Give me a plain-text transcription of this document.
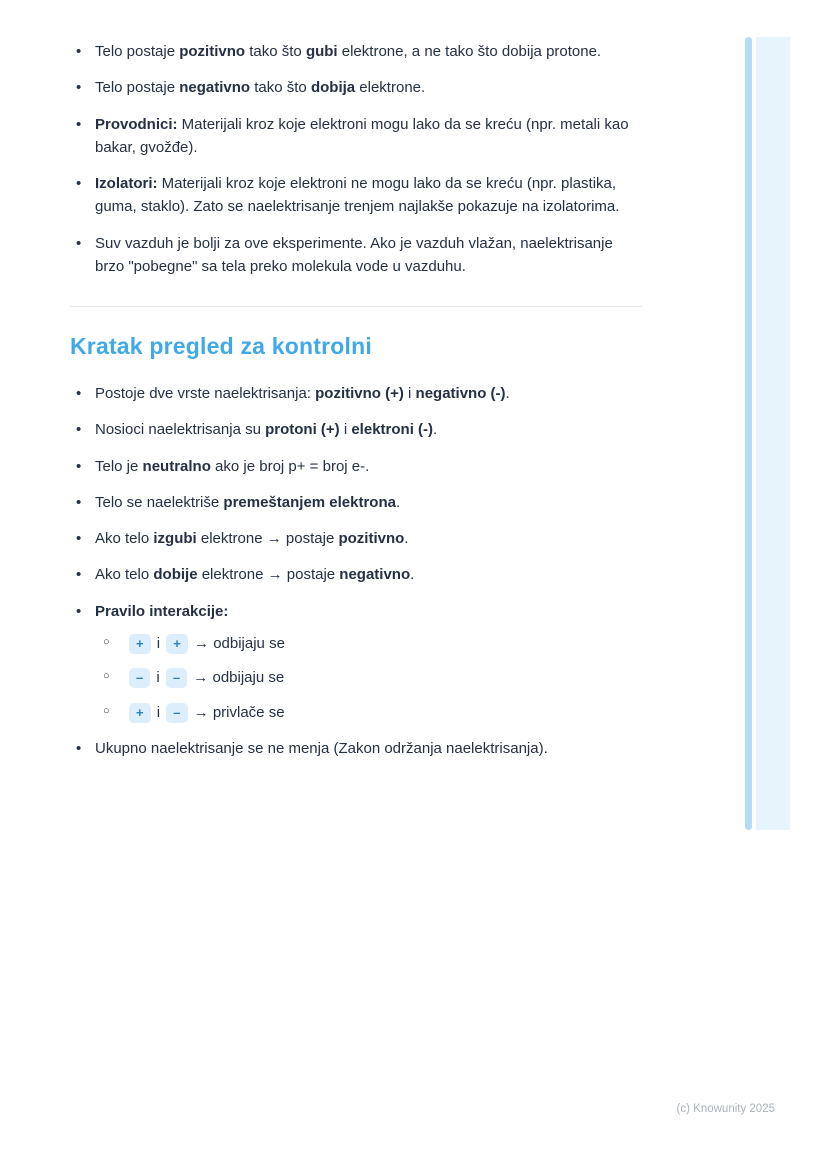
• Telo postaje pozitivno tako što gubi elektrone, a ne tako što dobija protone.
• Telo postaje negativno tako što dobija elektrone.
• Provodnici: Materijali kroz koje elektroni mogu lako da se kreću (npr. metali kao bakar, gvožđe).
• Izolatori: Materijali kroz koje elektroni ne mogu lako da se kreću (npr. plastika, guma, staklo). Zato se naelektrisanje trenjem najlakše pokazuje na izolatorima.
• Suv vazduh je bolji za ove eksperimente. Ako je vazduh vlažan, naelektrisanje brzo "pobegne" sa tela preko molekula vode u vazduhu.
Kratak pregled za kontrolni
• Postoje dve vrste naelektrisanja: pozitivno (+) i negativno (-).
• Nosioci naelektrisanja su protoni (+) i elektroni (-).
• Telo je neutralno ako je broj p+ = broj e-.
• Telo se naelektriše premeštanjem elektrona.
• Ako telo izgubi elektrone → postaje pozitivno.
• Ako telo dobije elektrone → postaje negativno.
• Pravilo interakcije:
○ + i + → odbijaju se
○ – i – → odbijaju se
○ + i – → privlače se
• Ukupno naelektrisanje se ne menja (Zakon održanja naelektrisanja).
(c) Knowunity 2025
